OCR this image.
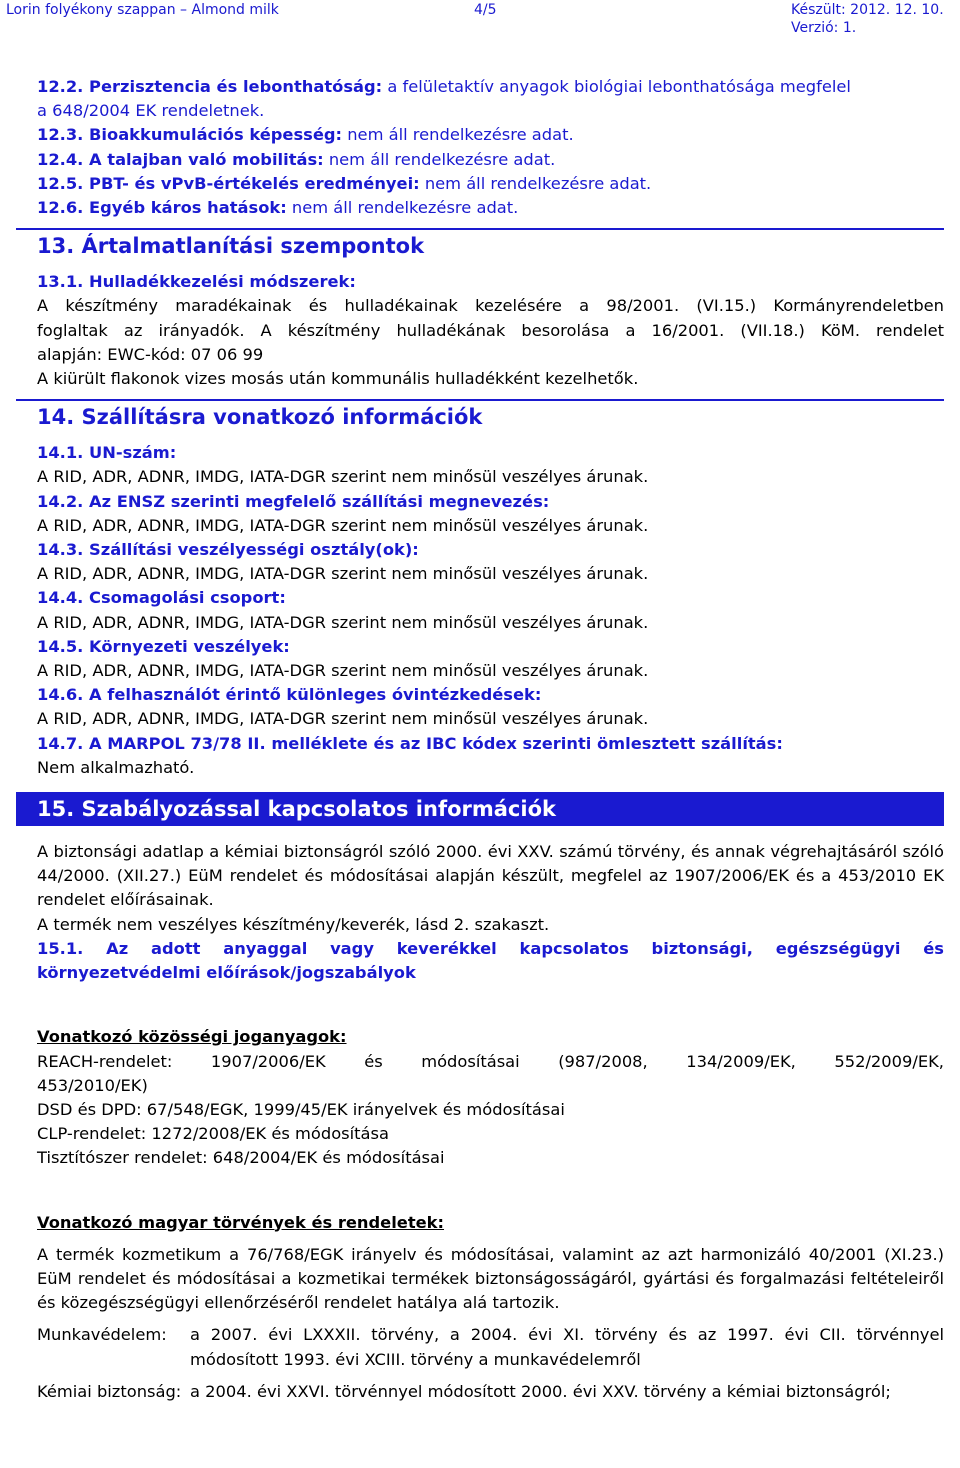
Lorin folyékony szappan – Almond milk	4/5	Készült: 2012. 12. 10.
Verzió: 1.

12.2. Perzisztencia és lebonthatóság: a felületaktív anyagok biológiai lebonthatósága megfelel

a 648/2004 EK rendeletnek.

12.3. Bioakkumulációs képesség: nem áll rendelkezésre adat.

12.4. A talajban való mobilitás: nem áll rendelkezésre adat.

12.5. PBT- és vPvB-értékelés eredményei: nem áll rendelkezésre adat.

12.6. Egyéb káros hatások: nem áll rendelkezésre adat.

13. Ártalmatlanítási szempontok

13.1. Hulladékkezelési módszerek:

A készítmény maradékainak és hulladékainak kezelésére a 98/2001. (VI.15.) Kormányrendeletben

foglaltak az irányadók. A készítmény hulladékának besorolása a 16/2001. (VII.18.) KöM. rendelet

alapján: EWC-kód: 07 06 99

A kiürült flakonok vizes mosás után kommunális hulladékként kezelhetők.

14. Szállításra vonatkozó információk

14.1. UN-szám:

A RID, ADR, ADNR, IMDG, IATA-DGR szerint nem minősül veszélyes árunak.

14.2. Az ENSZ szerinti megfelelő szállítási megnevezés:

A RID, ADR, ADNR, IMDG, IATA-DGR szerint nem minősül veszélyes árunak.

14.3. Szállítási veszélyességi osztály(ok):

A RID, ADR, ADNR, IMDG, IATA-DGR szerint nem minősül veszélyes árunak.

14.4. Csomagolási csoport:

A RID, ADR, ADNR, IMDG, IATA-DGR szerint nem minősül veszélyes árunak.

14.5. Környezeti veszélyek:

A RID, ADR, ADNR, IMDG, IATA-DGR szerint nem minősül veszélyes árunak.

14.6. A felhasználót érintő különleges óvintézkedések:

A RID, ADR, ADNR, IMDG, IATA-DGR szerint nem minősül veszélyes árunak.

14.7. A MARPOL 73/78 II. melléklete és az IBC kódex szerinti ömlesztett szállítás:

Nem alkalmazható.

15. Szabályozással kapcsolatos információk

A biztonsági adatlap a kémiai biztonságról szóló 2000. évi XXV. számú törvény, és annak végrehajtásáról szóló 44/2000. (XII.27.) EüM rendelet és módosításai alapján készült, megfelel az 1907/2006/EK és a 453/2010 EK rendelet előírásainak.

A termék nem veszélyes készítmény/keverék, lásd 2. szakaszt.

15.1. Az adott anyaggal vagy keverékkel kapcsolatos biztonsági, egészségügyi és környezetvédelmi előírások/jogszabályok

Vonatkozó közösségi joganyagok:

REACH-rendelet: 1907/2006/EK és módosításai (987/2008, 134/2009/EK, 552/2009/EK,

453/2010/EK)

DSD és DPD: 67/548/EGK, 1999/45/EK irányelvek és módosításai

CLP-rendelet: 1272/2008/EK és módosítása

Tisztítószer rendelet: 648/2004/EK és módosításai

Vonatkozó magyar törvények és rendeletek:

A termék kozmetikum a 76/768/EGK irányelv és módosításai, valamint az azt harmonizáló 40/2001 (XI.23.) EüM rendelet és módosításai a kozmetikai termékek biztonságosságáról, gyártási és forgalmazási feltételeiről és közegészségügyi ellenőrzéséről rendelet hatálya alá tartozik.

Munkavédelem:	a 2007. évi LXXXII. törvény, a 2004. évi XI. törvény és az 1997. évi CII. törvénnyel módosított 1993. évi XCIII. törvény a munkavédelemről
Kémiai biztonság: a 2004. évi XXVI. törvénnyel módosított 2000. évi XXV. törvény a kémiai biztonságról;
